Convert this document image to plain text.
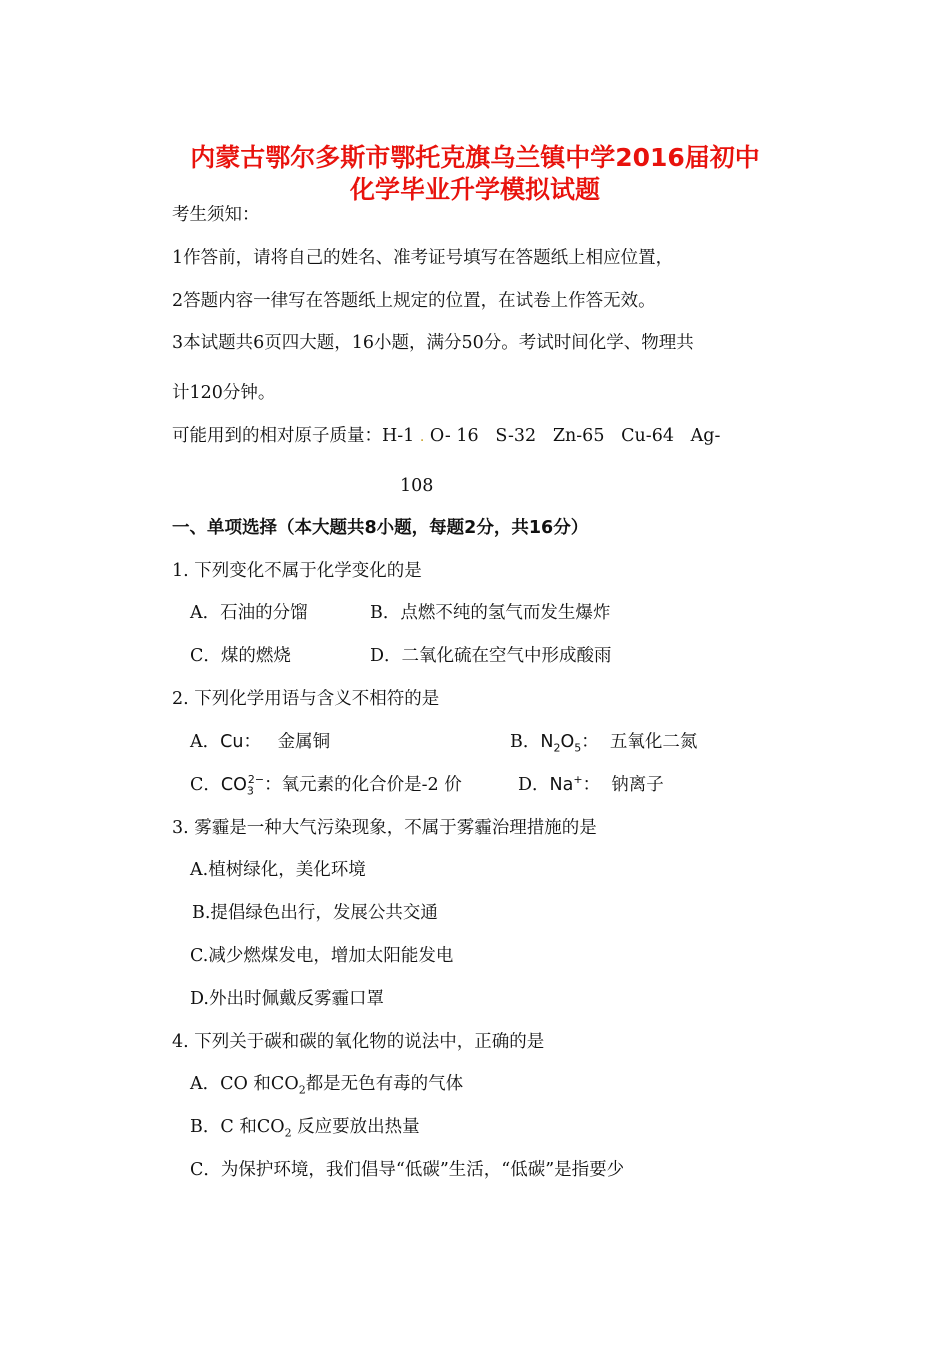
内蒙古鄂尔多斯市鄂托克旗乌兰镇中学2016届初中
化学毕业升学模拟试题
考生须知：
1作答前，请将自己的姓名、准考证号填写在答题纸上相应位置，
2答题内容一律写在答题纸上规定的位置，在试卷上作答无效。
3本试题共6页四大题，16小题，满分50分。考试时间化学、物理共
计120分钟。
可能用到的相对原子质量：H-1 . O- 16   S-32   Zn-65   Cu-64   Ag-
108
一、单项选择（本大题共8小题，每题2分，共16分）
1. 下列变化不属于化学变化的是
A．石油的分馏	B．点燃不纯的氢气而发生爆炸
C．煤的燃烧	D．二氧化硫在空气中形成酸雨
2. 下列化学用语与含义不相符的是
A．Cu：   金属铜	B．$N_2O_5$：  五氧化二氮
C．$CO_3^{2-}$：氧元素的化合价是-2 价	D．Na+：  钠离子
3. 雾霾是一种大气污染现象，不属于雾霾治理措施的是
A.植树绿化，美化环境
B.提倡绿色出行，发展公共交通
C.减少燃煤发电，增加太阳能发电
D.外出时佩戴反雾霾口罩
4. 下列关于碳和碳的氧化物的说法中，正确的是
A．CO 和$CO_2$都是无色有毒的气体
B．C 和$CO_2$ 反应要放出热量
C．为保护环境，我们倡导“低碳”生活，“低碳”是指要少
